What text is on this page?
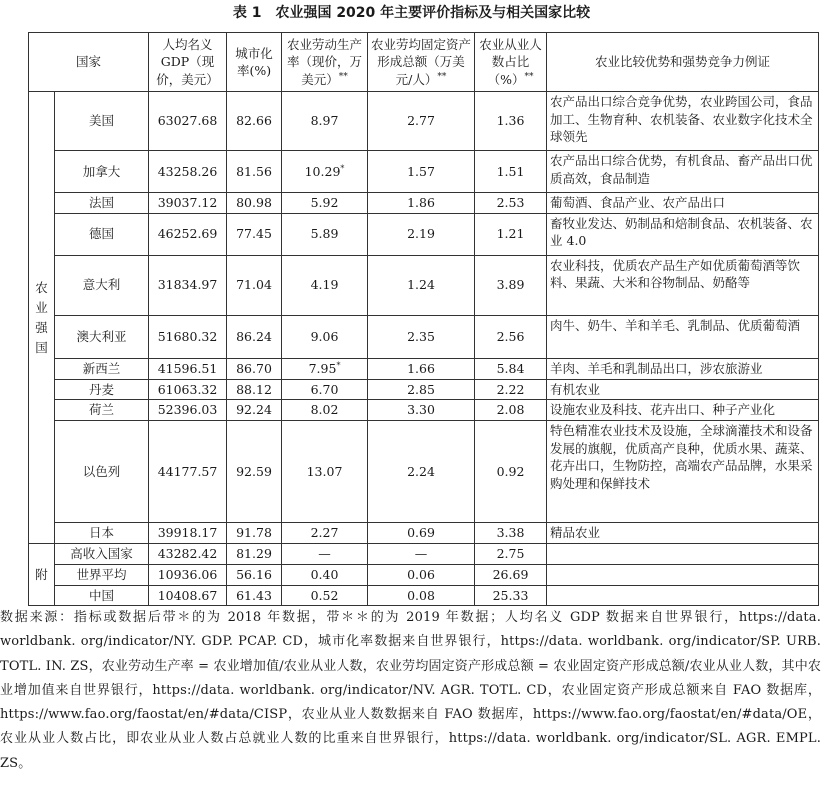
表 1　农业强国 2020 年主要评价指标及与相关国家比较
国家		人均名义GDP（现价，美元）	城市化率(%)	农业劳动生产率（现价，万美元）**	农业劳均固定资产形成总额（万美元/人）**	农业从业人数占比（%）**	农业比较优势和强势竞争力例证

农
业
强
国	美国	63027.68	82.66	8.97	2.77	1.36	农产品出口综合竞争优势，农业跨国公司，食品加工、生物育种、农机装备、农业数字化技术全球领先
	加拿大	43258.26	81.56	10.29*	1.57	1.51	农产品出口综合优势，有机食品、畜产品出口优质高效，食品制造
	法国	39037.12	80.98	5.92	1.86	2.53	葡萄酒、食品产业、农产品出口
	德国	46252.69	77.45	5.89	2.19	1.21	畜牧业发达、奶制品和焙制食品、农机装备、农业 4.0
	意大利	31834.97	71.04	4.19	1.24	3.89	农业科技，优质农产品生产如优质葡萄酒等饮料、果蔬、大米和谷物制品、奶酪等
	澳大利亚	51680.32	86.24	9.06	2.35	2.56	肉牛、奶牛、羊和羊毛、乳制品、优质葡萄酒
	新西兰	41596.51	86.70	7.95*	1.66	5.84	羊肉、羊毛和乳制品出口，涉农旅游业
	丹麦	61063.32	88.12	6.70	2.85	2.22	有机农业
	荷兰	52396.03	92.24	8.02	3.30	2.08	设施农业及科技、花卉出口、种子产业化
	以色列	44177.57	92.59	13.07	2.24	0.92	特色精准农业技术及设施，全球滴灌技术和设备发展的旗舰，优质高产良种，优质水果、蔬菜、花卉出口，生物防控，高端农产品品牌，水果采购处理和保鲜技术
	日本	39918.17	91.78	2.27	0.69	3.38	精品农业

附	高收入国家	43282.42	81.29	—	—	2.75	
	世界平均	10936.06	56.16	0.40	0.06	26.69	
	中国	10408.67	61.43	0.52	0.08	25.33	

数据来源：指标或数据后带＊的为 2018 年数据，带＊＊的为 2019 年数据；人均名义 GDP 数据来自世界银行，https://data. worldbank. org/indicator/NY. GDP. PCAP. CD，城市化率数据来自世界银行，https://data. worldbank. org/indicator/SP. URB. TOTL. IN. ZS，农业劳动生产率 = 农业增加值/农业从业人数，农业劳均固定资产形成总额 = 农业固定资产形成总额/农业从业人数，其中农业增加值来自世界银行，https://data. worldbank. org/indicator/NV. AGR. TOTL. CD，农业固定资产形成总额来自 FAO 数据库，https://www.fao.org/faostat/en/#data/CISP，农业从业人数数据来自 FAO 数据库，https://www.fao.org/faostat/en/#data/OE，农业从业人数占比，即农业从业人数占总就业人数的比重来自世界银行，https://data. worldbank. org/indicator/SL. AGR. EMPL. ZS。
